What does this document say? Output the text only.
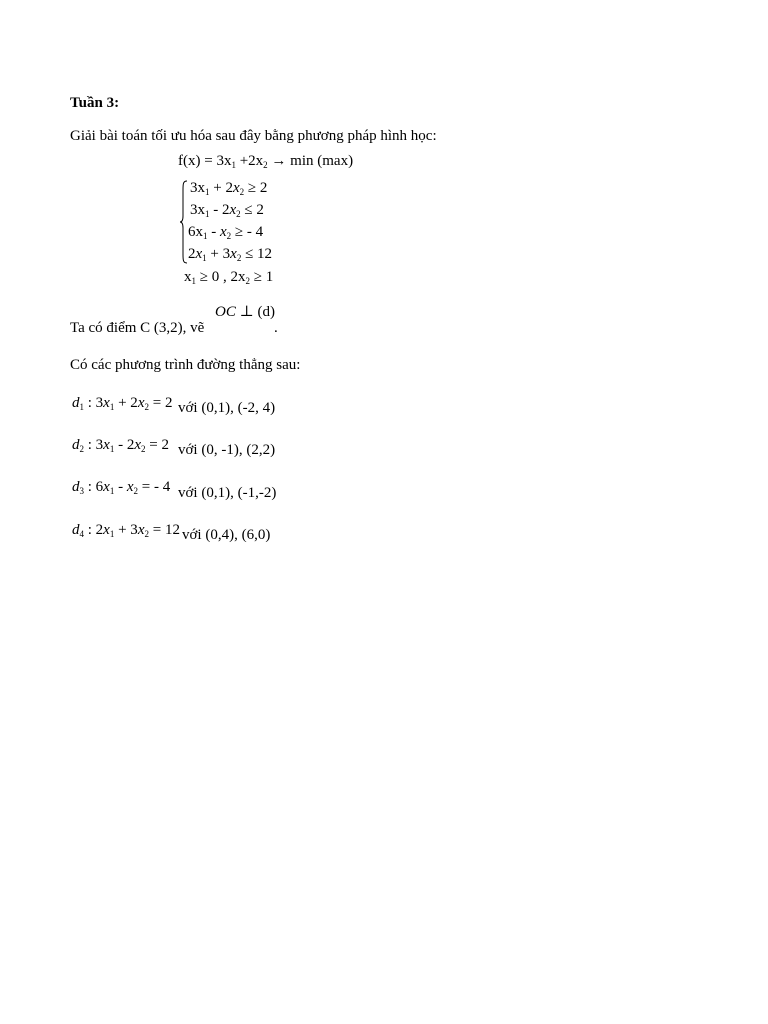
Tuần 3:
Giải bài toán tối ưu hóa sau đây bằng phương pháp hình học:
$f(x) = 3x_1 +2x_2 \to \min (\max)$
$3x_1 + 2x_2 \ge 2$
$3x_1 - 2x_2 \le 2$
$6x_1 - x_2$ ≥ - 4
$2x_1 + 3x_2 \le 12$
$x_1 \ge 0$ , $2x_2 \ge 1$
OC ⊥ (d)
Ta có điểm C (3,2), vẽ	.
Có các phương trình đường thẳng sau:
$d_1$ : $3x_1 + 2x_2 = 2$ với (0,1), (-2, 4)
$d_2$ : $3x_1 - 2x_2 = 2$ với (0, -1), (2,2)
$d_3$ : $6x_1 - x_2$ = - 4 với (0,1), (-1,-2)
$d_4$ : $2x_1 + 3x_2 = 12$ với (0,4), (6,0)
